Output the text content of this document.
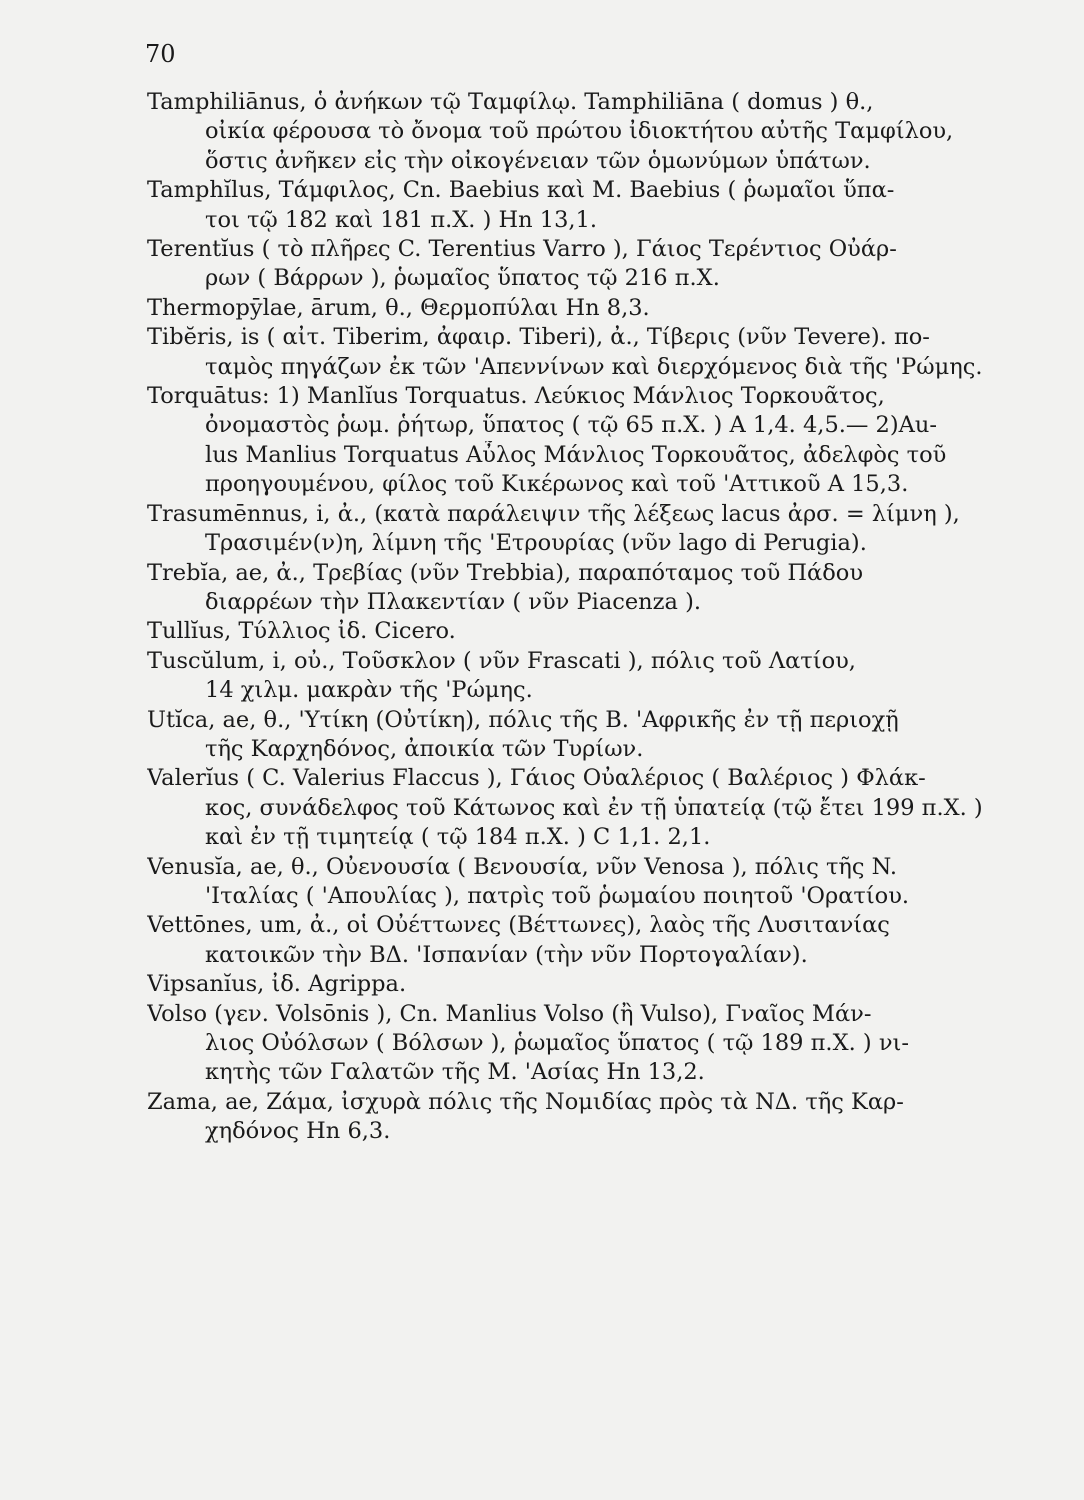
70
Tamphiliānus, ὁ ἀνήκων τῷ Ταμφίλῳ. Tamphiliāna ( domus ) θ.,
οἰκία φέρουσα τὸ ὄνομα τοῦ πρώτου ἰδιοκτήτου αὐτῆς Ταμφίλου,
ὅστις ἀνῆκεν εἰς τὴν οἰκογένειαν τῶν ὁμωνύμων ὑπάτων.
Tamphĭlus, Τάμφιλος, Cn. Baebius καὶ M. Baebius ( ῥωμαῖοι ὕπα-
τοι τῷ 182 καὶ 181 π.Χ. ) Hn 13,1.
Terentĭus ( τὸ πλῆρες C. Terentius Varro ), Γάιος Τερέντιος Οὐάρ-
ρων ( Βάρρων ), ῥωμαῖος ὕπατος τῷ 216 π.Χ.
Thermopȳlae, ārum, θ., Θερμοπύλαι Hn 8,3.
Tibĕris, is ( αἰτ. Tiberim, ἀφαιρ. Tiberi), ἀ., Τίβερις (νῦν Tevere). πο-
ταμὸς πηγάζων ἐκ τῶν 'Απεννίνων καὶ διερχόμενος διὰ τῆς 'Ρώμης.
Torquātus: 1) Manlĭus Torquatus. Λεύκιος Μάνλιος Τορκουᾶτος,
ὀνομαστὸς ῥωμ. ῥήτωρ, ὕπατος ( τῷ 65 π.Χ. ) A 1,4. 4,5.— 2)Au-
lus Manlius Torquatus Αὖλος Μάνλιος Τορκουᾶτος, ἀδελφὸς τοῦ
προηγουμένου, φίλος τοῦ Κικέρωνος καὶ τοῦ 'Αττικοῦ A 15,3.
Trasumēnnus, i, ἀ., (κατὰ παράλειψιν τῆς λέξεως lacus ἀρσ. = λίμνη ),
Τρασιμέν(ν)η, λίμνη τῆς 'Ετρουρίας (νῦν lago di Perugia).
Trebĭa, ae, ἀ., Τρεβίας (νῦν Trebbia), παραπόταμος τοῦ Πάδου
διαρρέων τὴν Πλακεντίαν ( νῦν Piacenza ).
Tullĭus, Τύλλιος ἰδ. Cicero.
Tuscŭlum, i, οὐ., Τοῦσκλον ( νῦν Frascati ), πόλις τοῦ Λατίου,
14 χιλμ. μακρὰν τῆς 'Ρώμης.
Utĭca, ae, θ., 'Υτίκη (Οὐτίκη), πόλις τῆς B. 'Αφρικῆς ἐν τῇ περιοχῇ
τῆς Καρχηδόνος, ἀποικία τῶν Τυρίων.
Valerĭus ( C. Valerius Flaccus ), Γάιος Οὐαλέριος ( Βαλέριος ) Φλάκ-
κος, συνάδελφος τοῦ Κάτωνος καὶ ἐν τῇ ὑπατείᾳ (τῷ ἔτει 199 π.Χ. )
καὶ ἐν τῇ τιμητείᾳ ( τῷ 184 π.Χ. ) C 1,1. 2,1.
Venusĭa, ae, θ., Οὐενουσία ( Βενουσία, νῦν Venosa ), πόλις τῆς N.
'Ιταλίας ( 'Απουλίας ), πατρὶς τοῦ ῥωμαίου ποιητοῦ 'Ορατίου.
Vettōnes, um, ἀ., οἱ Οὐέττωνες (Βέττωνες), λαὸς τῆς Λυσιτανίας
κατοικῶν τὴν ΒΔ. 'Ισπανίαν (τὴν νῦν Πορτογαλίαν).
Vipsanĭus, ἰδ. Agrippa.
Volso (γεν. Volsōnis ), Cn. Manlius Volso (ἢ Vulso), Γναῖος Μάν-
λιος Οὐόλσων ( Βόλσων ), ῥωμαῖος ὕπατος ( τῷ 189 π.Χ. ) νι-
κητὴς τῶν Γαλατῶν τῆς M. 'Ασίας Hn 13,2.
Zama, ae, Ζάμα, ἰσχυρὰ πόλις τῆς Νομιδίας πρὸς τὰ ΝΔ. τῆς Καρ-
χηδόνος Hn 6,3.
